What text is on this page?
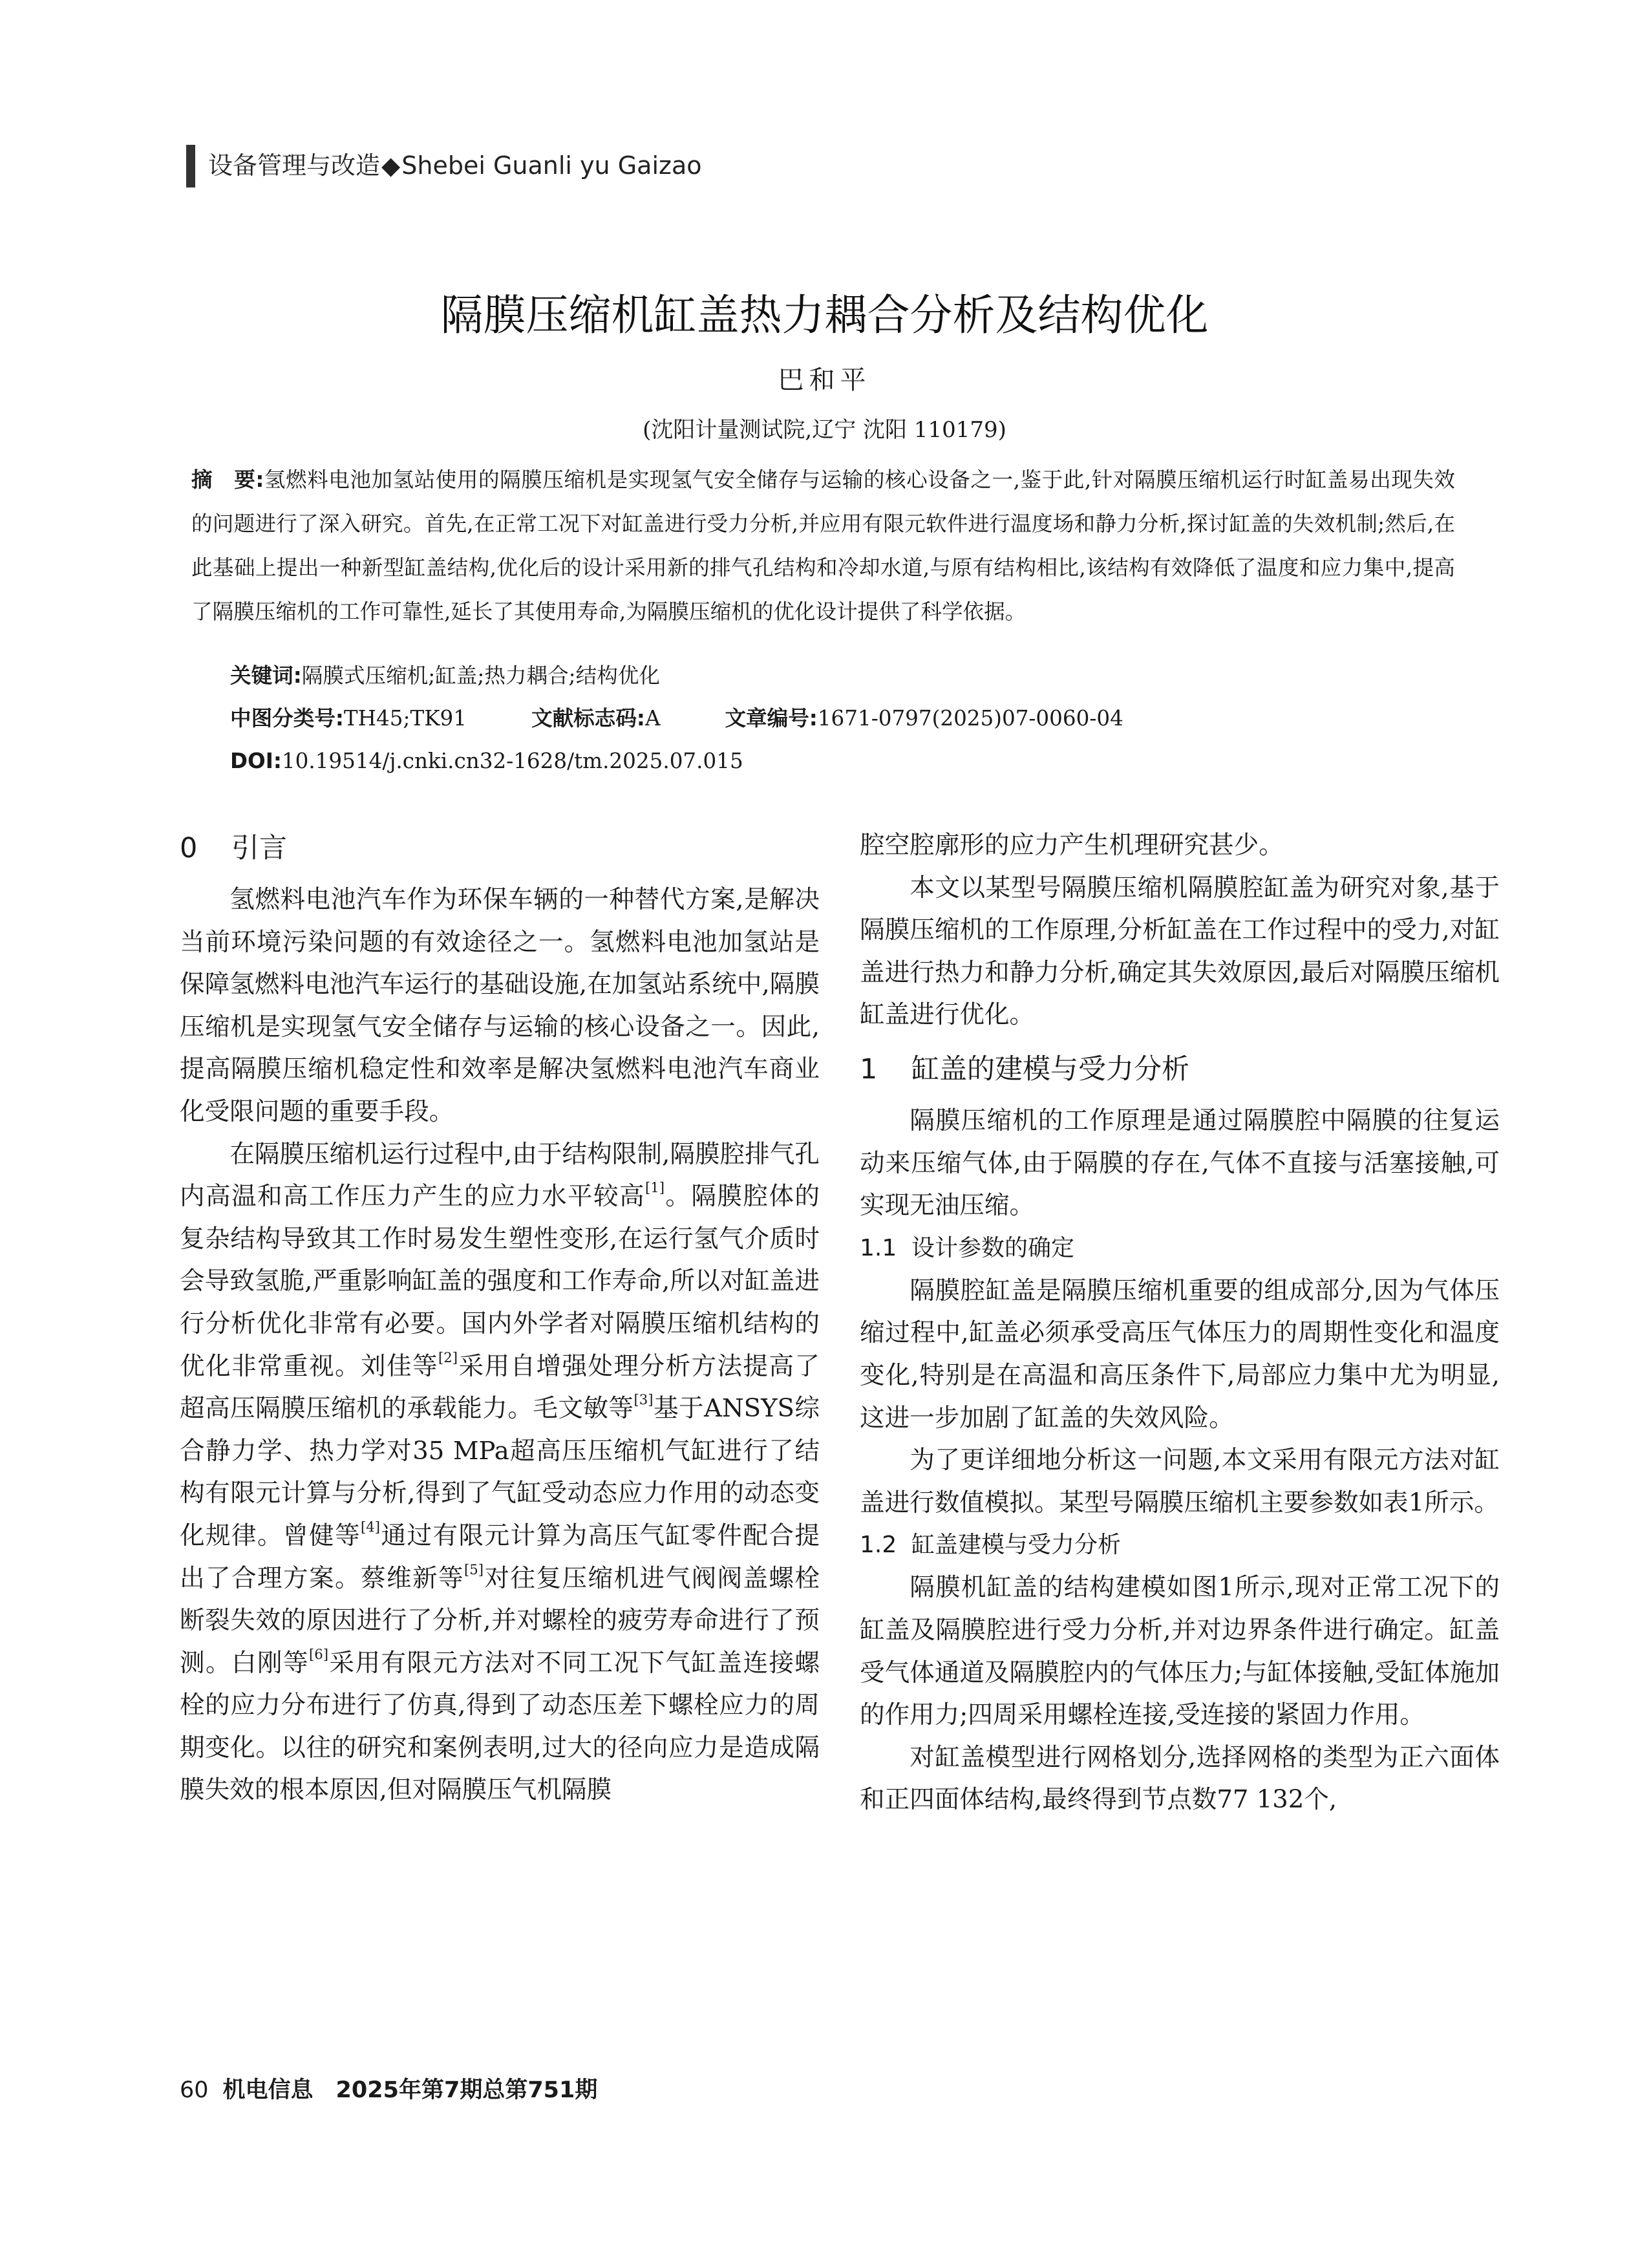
设备管理与改造◆Shebei Guanli yu Gaizao
隔膜压缩机缸盖热力耦合分析及结构优化
巴和平
(沈阳计量测试院,辽宁 沈阳 110179)
摘　要:氢燃料电池加氢站使用的隔膜压缩机是实现氢气安全储存与运输的核心设备之一,鉴于此,针对隔膜压缩机运行时缸盖易出现失效的问题进行了深入研究。首先,在正常工况下对缸盖进行受力分析,并应用有限元软件进行温度场和静力分析,探讨缸盖的失效机制;然后,在此基础上提出一种新型缸盖结构,优化后的设计采用新的排气孔结构和冷却水道,与原有结构相比,该结构有效降低了温度和应力集中,提高了隔膜压缩机的工作可靠性,延长了其使用寿命,为隔膜压缩机的优化设计提供了科学依据。
关键词:隔膜式压缩机;缸盖;热力耦合;结构优化
中图分类号:TH45;TK91	文献标志码:A	文章编号:1671-0797(2025)07-0060-04
DOI:10.19514/j.cnki.cn32-1628/tm.2025.07.015
0 引言

氢燃料电池汽车作为环保车辆的一种替代方案,是解决当前环境污染问题的有效途径之一。氢燃料电池加氢站是保障氢燃料电池汽车运行的基础设施,在加氢站系统中,隔膜压缩机是实现氢气安全储存与运输的核心设备之一。因此,提高隔膜压缩机稳定性和效率是解决氢燃料电池汽车商业化受限问题的重要手段。

在隔膜压缩机运行过程中,由于结构限制,隔膜腔排气孔内高温和高工作压力产生的应力水平较高[1]。隔膜腔体的复杂结构导致其工作时易发生塑性变形,在运行氢气介质时会导致氢脆,严重影响缸盖的强度和工作寿命,所以对缸盖进行分析优化非常有必要。国内外学者对隔膜压缩机结构的优化非常重视。刘佳等[2]采用自增强处理分析方法提高了超高压隔膜压缩机的承载能力。毛文敏等[3]基于ANSYS综合静力学、热力学对35 MPa超高压压缩机气缸进行了结构有限元计算与分析,得到了气缸受动态应力作用的动态变化规律。曾健等[4]通过有限元计算为高压气缸零件配合提出了合理方案。蔡维新等[5]对往复压缩机进气阀阀盖螺栓断裂失效的原因进行了分析,并对螺栓的疲劳寿命进行了预测。白刚等[6]采用有限元方法对不同工况下气缸盖连接螺栓的应力分布进行了仿真,得到了动态压差下螺栓应力的周期变化。以往的研究和案例表明,过大的径向应力是造成隔膜失效的根本原因,但对隔膜压气机隔膜

腔空腔廓形的应力产生机理研究甚少。

本文以某型号隔膜压缩机隔膜腔缸盖为研究对象,基于隔膜压缩机的工作原理,分析缸盖在工作过程中的受力,对缸盖进行热力和静力分析,确定其失效原因,最后对隔膜压缩机缸盖进行优化。

1 缸盖的建模与受力分析

隔膜压缩机的工作原理是通过隔膜腔中隔膜的往复运动来压缩气体,由于隔膜的存在,气体不直接与活塞接触,可实现无油压缩。

1.1 设计参数的确定

隔膜腔缸盖是隔膜压缩机重要的组成部分,因为气体压缩过程中,缸盖必须承受高压气体压力的周期性变化和温度变化,特别是在高温和高压条件下,局部应力集中尤为明显,这进一步加剧了缸盖的失效风险。

为了更详细地分析这一问题,本文采用有限元方法对缸盖进行数值模拟。某型号隔膜压缩机主要参数如表1所示。

1.2 缸盖建模与受力分析

隔膜机缸盖的结构建模如图1所示,现对正常工况下的缸盖及隔膜腔进行受力分析,并对边界条件进行确定。缸盖受气体通道及隔膜腔内的气体压力;与缸体接触,受缸体施加的作用力;四周采用螺栓连接,受连接的紧固力作用。

对缸盖模型进行网格划分,选择网格的类型为正六面体和正四面体结构,最终得到节点数77 132个,

60 机电信息　2025年第7期总第751期
